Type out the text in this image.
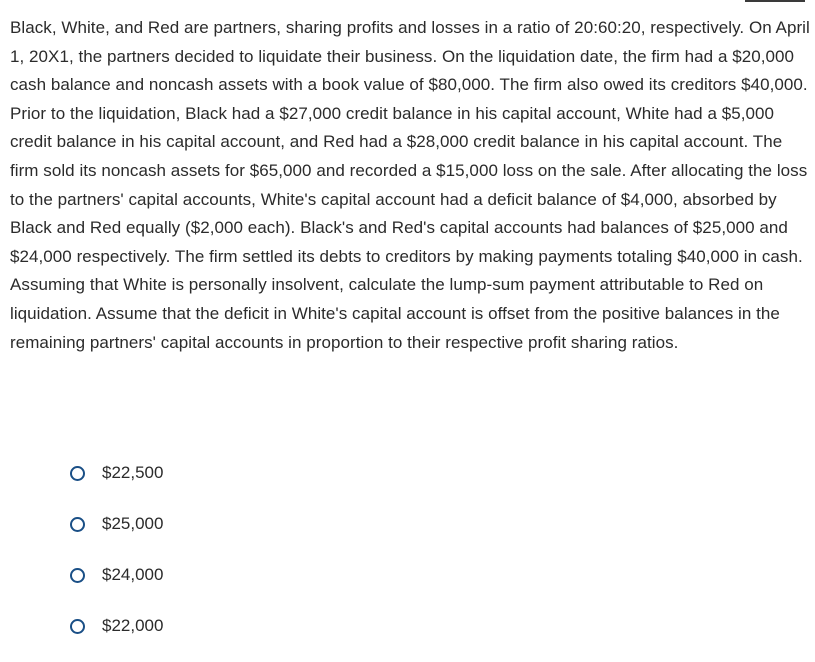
Black, White, and Red are partners, sharing profits and losses in a ratio of 20:60:20, respectively. On April 1, 20X1, the partners decided to liquidate their business. On the liquidation date, the firm had a $20,000 cash balance and noncash assets with a book value of $80,000. The firm also owed its creditors $40,000. Prior to the liquidation, Black had a $27,000 credit balance in his capital account, White had a $5,000 credit balance in his capital account, and Red had a $28,000 credit balance in his capital account. The firm sold its noncash assets for $65,000 and recorded a $15,000 loss on the sale. After allocating the loss to the partners' capital accounts, White's capital account had a deficit balance of $4,000, absorbed by Black and Red equally ($2,000 each). Black's and Red's capital accounts had balances of $25,000 and $24,000 respectively. The firm settled its debts to creditors by making payments totaling $40,000 in cash. Assuming that White is personally insolvent, calculate the lump-sum payment attributable to Red on liquidation. Assume that the deficit in White's capital account is offset from the positive balances in the remaining partners' capital accounts in proportion to their respective profit sharing ratios.
$22,500
$25,000
$24,000
$22,000
